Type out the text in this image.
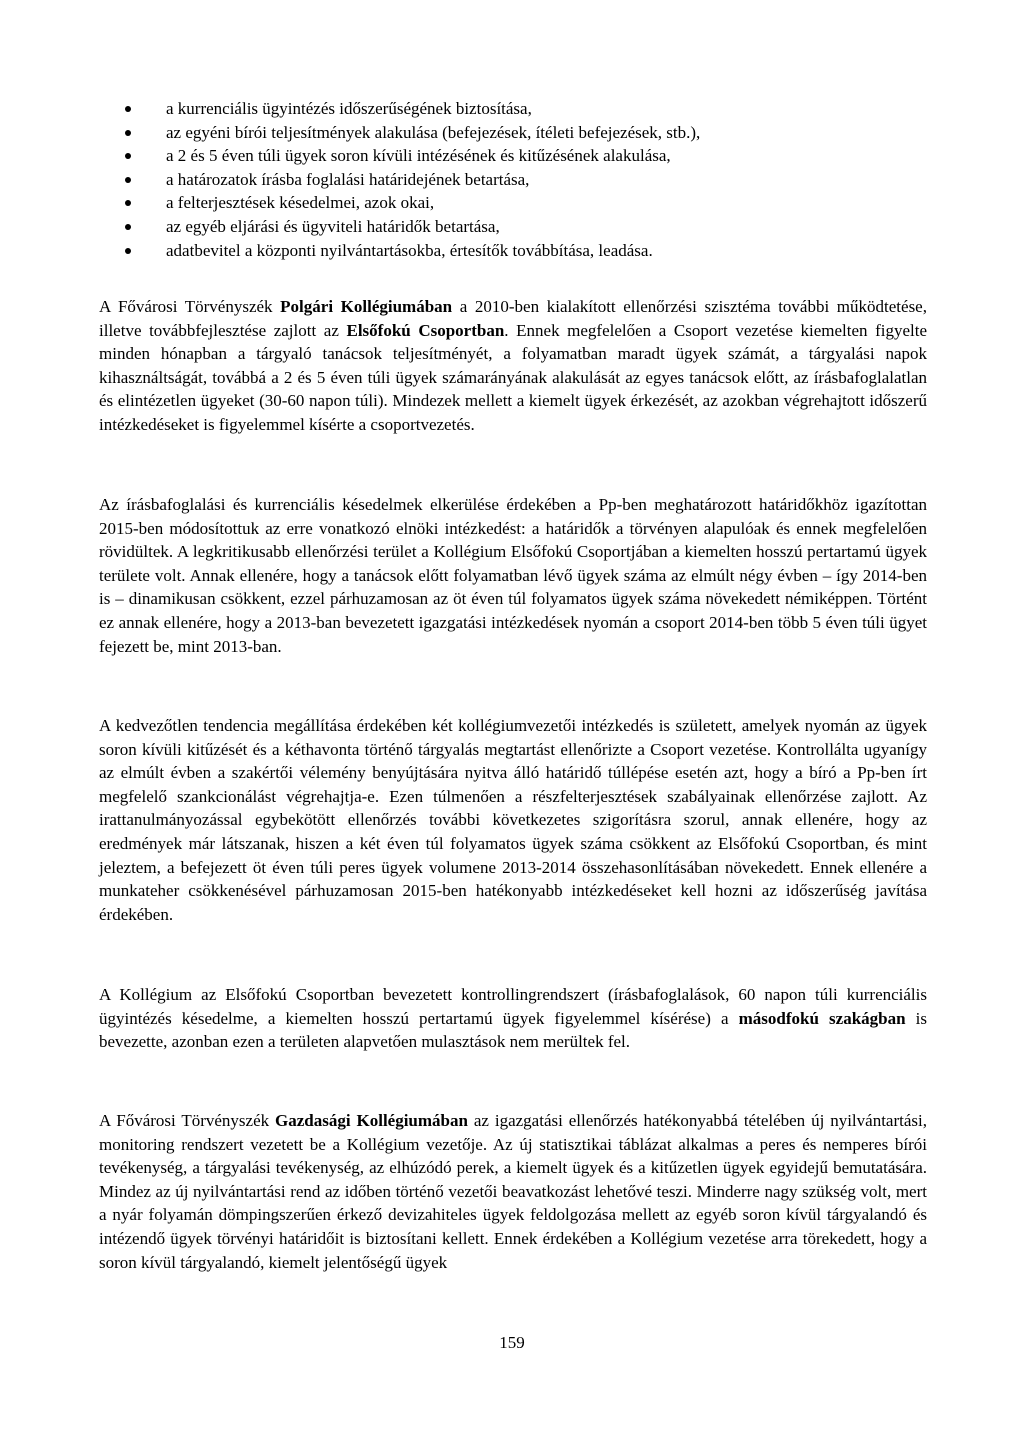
a kurrenciális ügyintézés időszerűségének biztosítása,
az egyéni bírói teljesítmények alakulása (befejezések, ítéleti befejezések, stb.),
a 2 és 5 éven túli ügyek soron kívüli intézésének és kitűzésének alakulása,
a határozatok írásba foglalási határidejének betartása,
a felterjesztések késedelmei, azok okai,
az egyéb eljárási és ügyviteli határidők betartása,
adatbevitel a központi nyilvántartásokba, értesítők továbbítása, leadása.

A Fővárosi Törvényszék Polgári Kollégiumában a 2010-ben kialakított ellenőrzési szisztéma további működtetése, illetve továbbfejlesztése zajlott az Elsőfokú Csoportban. Ennek megfelelően a Csoport vezetése kiemelten figyelte minden hónapban a tárgyaló tanácsok teljesítményét, a folyamatban maradt ügyek számát, a tárgyalási napok kihasználtságát, továbbá a 2 és 5 éven túli ügyek számarányának alakulását az egyes tanácsok előtt, az írásbafoglalatlan és elintézetlen ügyeket (30-60 napon túli). Mindezek mellett a kiemelt ügyek érkezését, az azokban végrehajtott időszerű intézkedéseket is figyelemmel kísérte a csoportvezetés.

Az írásbafoglalási és kurrenciális késedelmek elkerülése érdekében a Pp-ben meghatározott határidőkhöz igazítottan 2015-ben módosítottuk az erre vonatkozó elnöki intézkedést: a határidők a törvényen alapulóak és ennek megfelelően rövidültek. A legkritikusabb ellenőrzési terület a Kollégium Elsőfokú Csoportjában a kiemelten hosszú pertartamú ügyek területe volt. Annak ellenére, hogy a tanácsok előtt folyamatban lévő ügyek száma az elmúlt négy évben – így 2014-ben is – dinamikusan csökkent, ezzel párhuzamosan az öt éven túl folyamatos ügyek száma növekedett némiképpen. Történt ez annak ellenére, hogy a 2013-ban bevezetett igazgatási intézkedések nyomán a csoport 2014-ben több 5 éven túli ügyet fejezett be, mint 2013-ban.

A kedvezőtlen tendencia megállítása érdekében két kollégiumvezetői intézkedés is született, amelyek nyomán az ügyek soron kívüli kitűzését és a kéthavonta történő tárgyalás megtartást ellenőrizte a Csoport vezetése. Kontrollálta ugyanígy az elmúlt évben a szakértői vélemény benyújtására nyitva álló határidő túllépése esetén azt, hogy a bíró a Pp-ben írt megfelelő szankcionálást végrehajtja-e. Ezen túlmenően a részfelterjesztések szabályainak ellenőrzése zajlott. Az irattanulmányozással egybekötött ellenőrzés további következetes szigorításra szorul, annak ellenére, hogy az eredmények már látszanak, hiszen a két éven túl folyamatos ügyek száma csökkent az Elsőfokú Csoportban, és mint jeleztem, a befejezett öt éven túli peres ügyek volumene 2013-2014 összehasonlításában növekedett. Ennek ellenére a munkateher csökkenésével párhuzamosan 2015-ben hatékonyabb intézkedéseket kell hozni az időszerűség javítása érdekében.

A Kollégium az Elsőfokú Csoportban bevezetett kontrollingrendszert (írásbafoglalások, 60 napon túli kurrenciális ügyintézés késedelme, a kiemelten hosszú pertartamú ügyek figyelemmel kísérése) a másodfokú szakágban is bevezette, azonban ezen a területen alapvetően mulasztások nem merültek fel.

A Fővárosi Törvényszék Gazdasági Kollégiumában az igazgatási ellenőrzés hatékonyabbá tételében új nyilvántartási, monitoring rendszert vezetett be a Kollégium vezetője. Az új statisztikai táblázat alkalmas a peres és nemperes bírói tevékenység, a tárgyalási tevékenység, az elhúzódó perek, a kiemelt ügyek és a kitűzetlen ügyek egyidejű bemutatására. Mindez az új nyilvántartási rend az időben történő vezetői beavatkozást lehetővé teszi. Minderre nagy szükség volt, mert a nyár folyamán dömpingszerűen érkező devizahiteles ügyek feldolgozása mellett az egyéb soron kívül tárgyalandó és intézendő ügyek törvényi határidőit is biztosítani kellett. Ennek érdekében a Kollégium vezetése arra törekedett, hogy a soron kívül tárgyalandó, kiemelt jelentőségű ügyek

159
